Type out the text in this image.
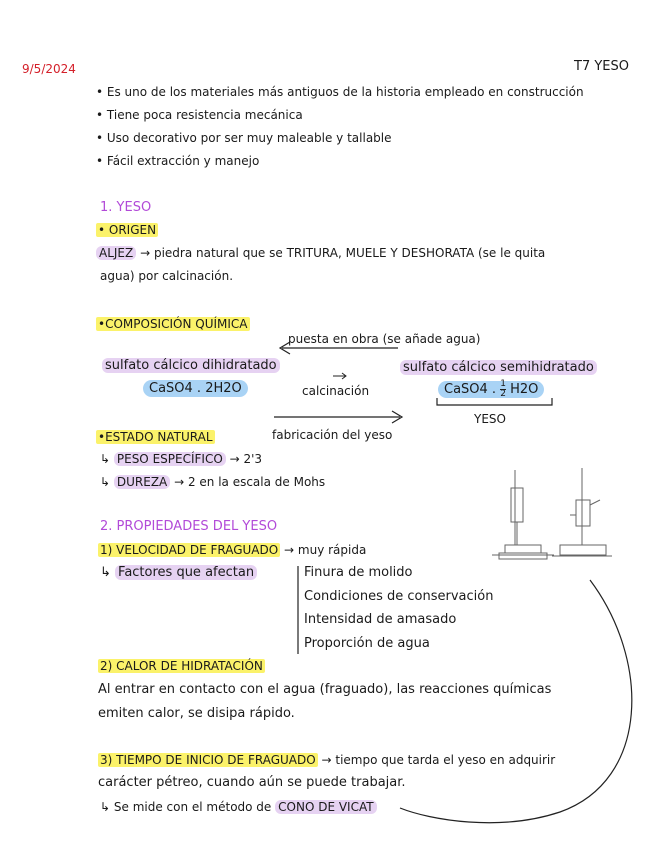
9/5/2024	T7 YESO
• Es uno de los materiales más antiguos de la historia empleado en construcción
• Tiene poca resistencia mecánica
• Uso decorativo por ser muy maleable y tallable
• Fácil extracción y manejo
1. YESO
• ORIGEN
ALJEZ → piedra natural que se TRITURA, MUELE Y DESHORATA (se le quita
agua) por calcinación.
•COMPOSICIÓN QUÍMICA
puesta en obra (se añade agua)
sulfato cálcico dihidratado
CaSO4 . 2H2O	calcinación
sulfato cálcico semihidratado
CaSO4 . $\frac{1}{2} H2O$
YESO
fabricación del yeso
•ESTADO NATURAL
↳ PESO ESPECÍFICO → 2'3
↳ DUREZA → 2 en la escala de Mohs
2. PROPIEDADES DEL YESO
1) VELOCIDAD DE FRAGUADO → muy rápida
↳ Factores que afectan	Finura de molido
Condiciones de conservación
Intensidad de amasado
Proporción de agua
2) CALOR DE HIDRATACIÓN
Al entrar en contacto con el agua (fraguado), las reacciones químicas
emiten calor, se disipa rápido.
3) TIEMPO DE INICIO DE FRAGUADO → tiempo que tarda el yeso en adquirir
carácter pétreo, cuando aún se puede trabajar.
↳ Se mide con el método de CONO DE VICAT
